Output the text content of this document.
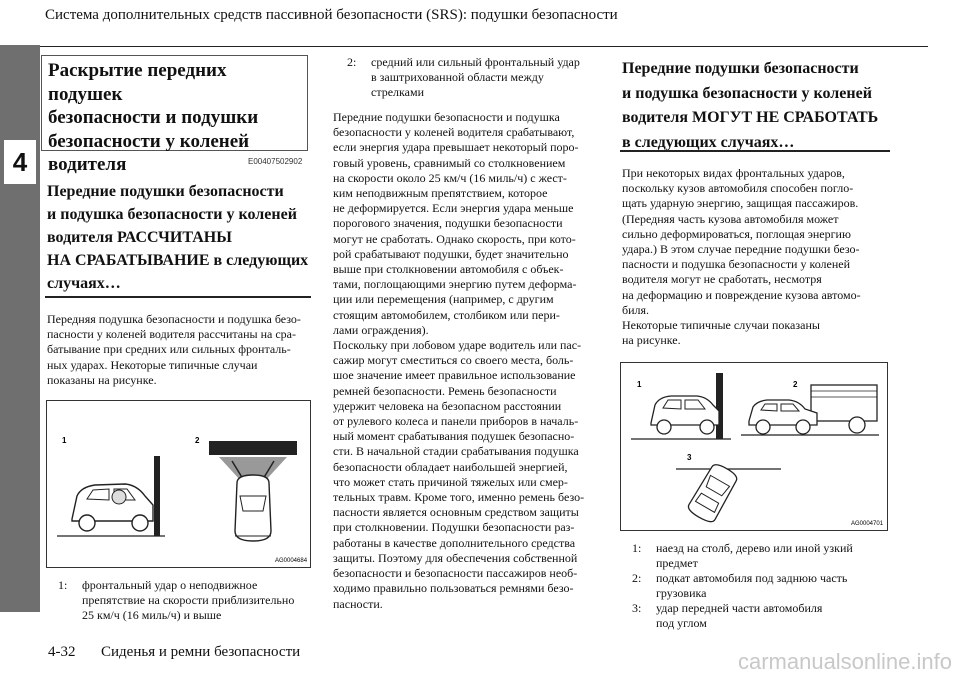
Система дополнительных средств пассивной безопасности (SRS): подушки безопасности
4
Раскрытие передних подушек
безопасности и подушки
безопасности у коленей
водителя	E00407502902
Передние подушки безопасности
и подушка безопасности у коленей
водителя РАССЧИТАНЫ
НА СРАБАТЫВАНИЕ в следующих
случаях…
Передняя подушка безопасности и подушка безо-
пасности у коленей водителя рассчитаны на сра-
батывание при средних или сильных фронталь-
ных ударах. Некоторые типичные случаи
показаны на рисунке.
1	2
AG0004684
1:	фронтальный удар о неподвижное
препятствие на скорости приблизительно
25 км/ч (16 миль/ч) и выше
2:	средний или сильный фронтальный удар
в заштрихованной области между
стрелками
Передние подушки безопасности и подушка
безопасности у коленей водителя срабатывают,
если энергия удара превышает некоторый поро-
говый уровень, сравнимый со столкновением
на скорости около 25 км/ч (16 миль/ч) с жест-
ким неподвижным препятствием, которое
не деформируется. Если энергия удара меньше
порогового значения, подушки безопасности
могут не сработать. Однако скорость, при кото-
рой срабатывают подушки, будет значительно
выше при столкновении автомобиля с объек-
тами, поглощающими энергию путем деформа-
ции или перемещения (например, с другим
стоящим автомобилем, столбиком или пери-
лами ограждения).
Поскольку при лобовом ударе водитель или пас-
сажир могут сместиться со своего места, боль-
шое значение имеет правильное использование
ремней безопасности. Ремень безопасности
удержит человека на безопасном расстоянии
от рулевого колеса и панели приборов в началь-
ный момент срабатывания подушек безопасно-
сти. В начальной стадии срабатывания подушка
безопасности обладает наибольшей энергией,
что может стать причиной тяжелых или смер-
тельных травм. Кроме того, именно ремень безо-
пасности является основным средством защиты
при столкновении. Подушки безопасности раз-
работаны в качестве дополнительного средства
защиты. Поэтому для обеспечения собственной
безопасности и безопасности пассажиров необ-
ходимо правильно пользоваться ремнями безо-
пасности.
Передние подушки безопасности
и подушка безопасности у коленей
водителя МОГУТ НЕ СРАБОТАТЬ
в следующих случаях…
При некоторых видах фронтальных ударов,
поскольку кузов автомобиля способен погло-
щать ударную энергию, защищая пассажиров.
(Передняя часть кузова автомобиля может
сильно деформироваться, поглощая энергию
удара.) В этом случае передние подушки безо-
пасности и подушка безопасности у коленей
водителя могут не сработать, несмотря
на деформацию и повреждение кузова автомо-
биля.
Некоторые типичные случаи показаны
на рисунке.
1	2
3
AG0004701
1:	наезд на столб, дерево или иной узкий
предмет
2:	подкат автомобиля под заднюю часть
грузовика
3:	удар передней части автомобиля
под углом
4-32 Сиденья и ремни безопасности	carmanualsonline.info
